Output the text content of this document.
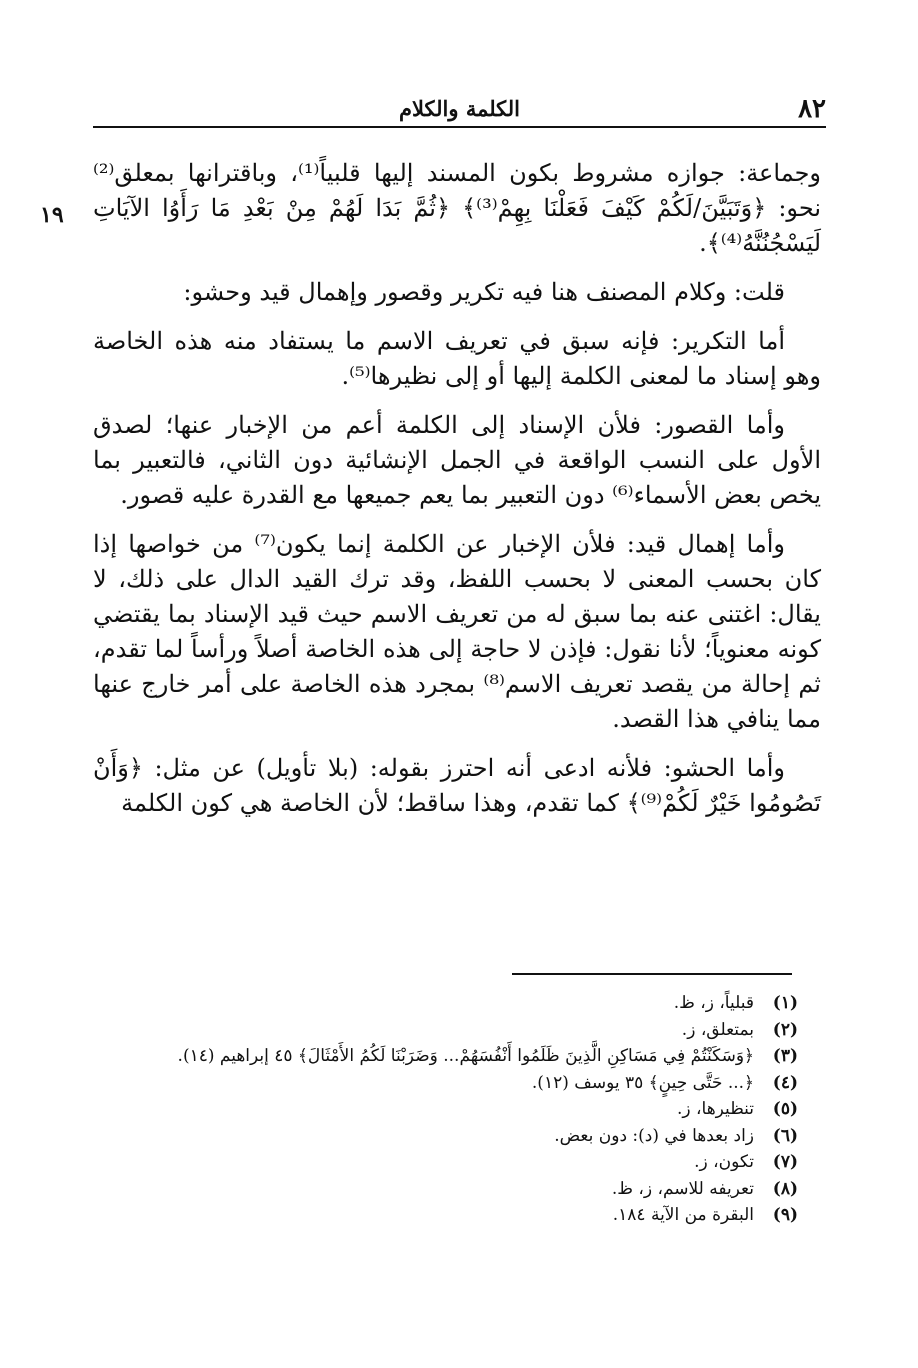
٨٢
الكلمة والكلام
١٩

وجماعة: جوازه مشروط بكون المسند إليها قلبياً⁽¹⁾، وباقترانها بمعلق⁽²⁾ نحو: ﴿وَتَبَيَّنَ/لَكُمْ كَيْفَ فَعَلْنَا بِهِمْ⁽³⁾﴾ ﴿ثُمَّ بَدَا لَهُمْ مِنْ بَعْدِ مَا رَأَوُا الآيَاتِ لَيَسْجُنُنَّهُ⁽⁴⁾﴾.

قلت: وكلام المصنف هنا فيه تكرير وقصور وإهمال قيد وحشو:

أما التكرير: فإنه سبق في تعريف الاسم ما يستفاد منه هذه الخاصة وهو إسناد ما لمعنى الكلمة إليها أو إلى نظيرها⁽⁵⁾.

وأما القصور: فلأن الإسناد إلى الكلمة أعم من الإخبار عنها؛ لصدق الأول على النسب الواقعة في الجمل الإنشائية دون الثاني، فالتعبير بما يخص بعض الأسماء⁽⁶⁾ دون التعبير بما يعم جميعها مع القدرة عليه قصور.

وأما إهمال قيد: فلأن الإخبار عن الكلمة إنما يكون⁽⁷⁾ من خواصها إذا كان بحسب المعنى لا بحسب اللفظ، وقد ترك القيد الدال على ذلك، لا يقال: اغتنى عنه بما سبق له من تعريف الاسم حيث قيد الإسناد بما يقتضي كونه معنوياً؛ لأنا نقول: فإذن لا حاجة إلى هذه الخاصة أصلاً ورأساً لما تقدم، ثم إحالة من يقصد تعريف الاسم⁽⁸⁾ بمجرد هذه الخاصة على أمر خارج عنها مما ينافي هذا القصد.

وأما الحشو: فلأنه ادعى أنه احترز بقوله: (بلا تأويل) عن مثل: ﴿وَأَنْ تَصُومُوا خَيْرٌ لَكُمْ⁽⁹⁾﴾ كما تقدم، وهذا ساقط؛ لأن الخاصة هي كون الكلمة

(١)قبلياً، ز، ظ.
(٢)بمتعلق، ز.
(٣)﴿وَسَكَنْتُمْ فِي مَسَاكِنِ الَّذِينَ ظَلَمُوا أَنْفُسَهُمْ... وَضَرَبْنَا لَكُمُ الأَمْثَالَ﴾ ٤٥ إبراهيم (١٤).
(٤)﴿... حَتَّى حِينٍ﴾ ٣٥ يوسف (١٢).
(٥)تنظيرها، ز.
(٦)زاد بعدها في (د): دون بعض.
(٧)تكون، ز.
(٨)تعريفه للاسم، ز، ظ.
(٩)البقرة من الآية ١٨٤.
